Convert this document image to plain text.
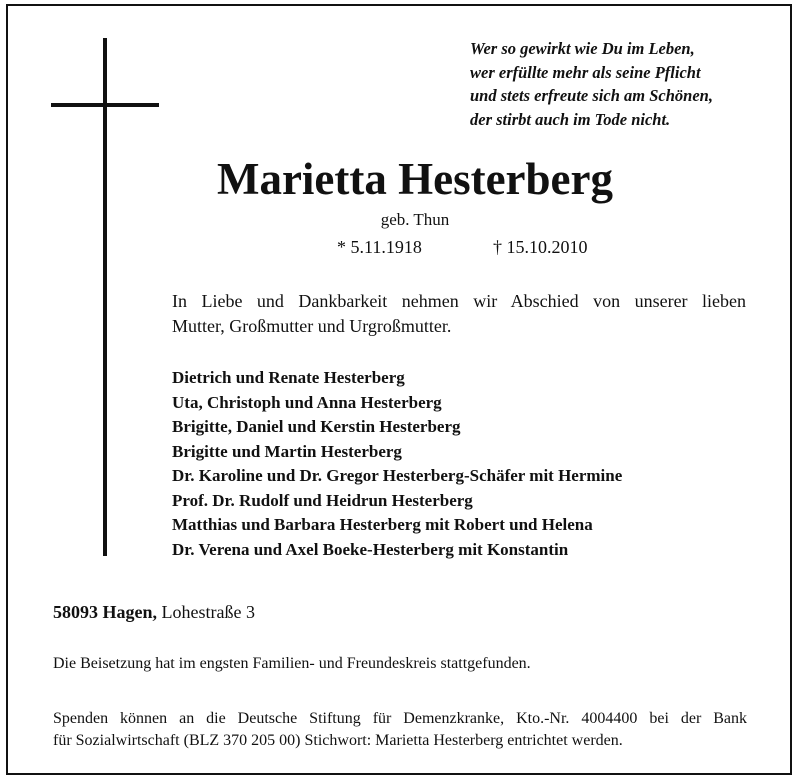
Wer so gewirkt wie Du im Leben,
wer erfüllte mehr als seine Pflicht
und stets erfreute sich am Schönen,
der stirbt auch im Tode nicht.
Marietta Hesterberg
geb. Thun
* 5.11.1918	† 15.10.2010
In Liebe und Dankbarkeit nehmen wir Abschied von unserer lieben
Mutter, Großmutter und Urgroßmutter.
Dietrich und Renate Hesterberg
Uta, Christoph und Anna Hesterberg
Brigitte, Daniel und Kerstin Hesterberg
Brigitte und Martin Hesterberg
Dr. Karoline und Dr. Gregor Hesterberg-Schäfer mit Hermine
Prof. Dr. Rudolf und Heidrun Hesterberg
Matthias und Barbara Hesterberg mit Robert und Helena
Dr. Verena und Axel Boeke-Hesterberg mit Konstantin
58093 Hagen, Lohestraße 3
Die Beisetzung hat im engsten Familien- und Freundeskreis stattgefunden.
Spenden können an die Deutsche Stiftung für Demenzkranke, Kto.-Nr. 4004400 bei der Bank
für Sozialwirtschaft (BLZ 370 205 00) Stichwort: Marietta Hesterberg entrichtet werden.
